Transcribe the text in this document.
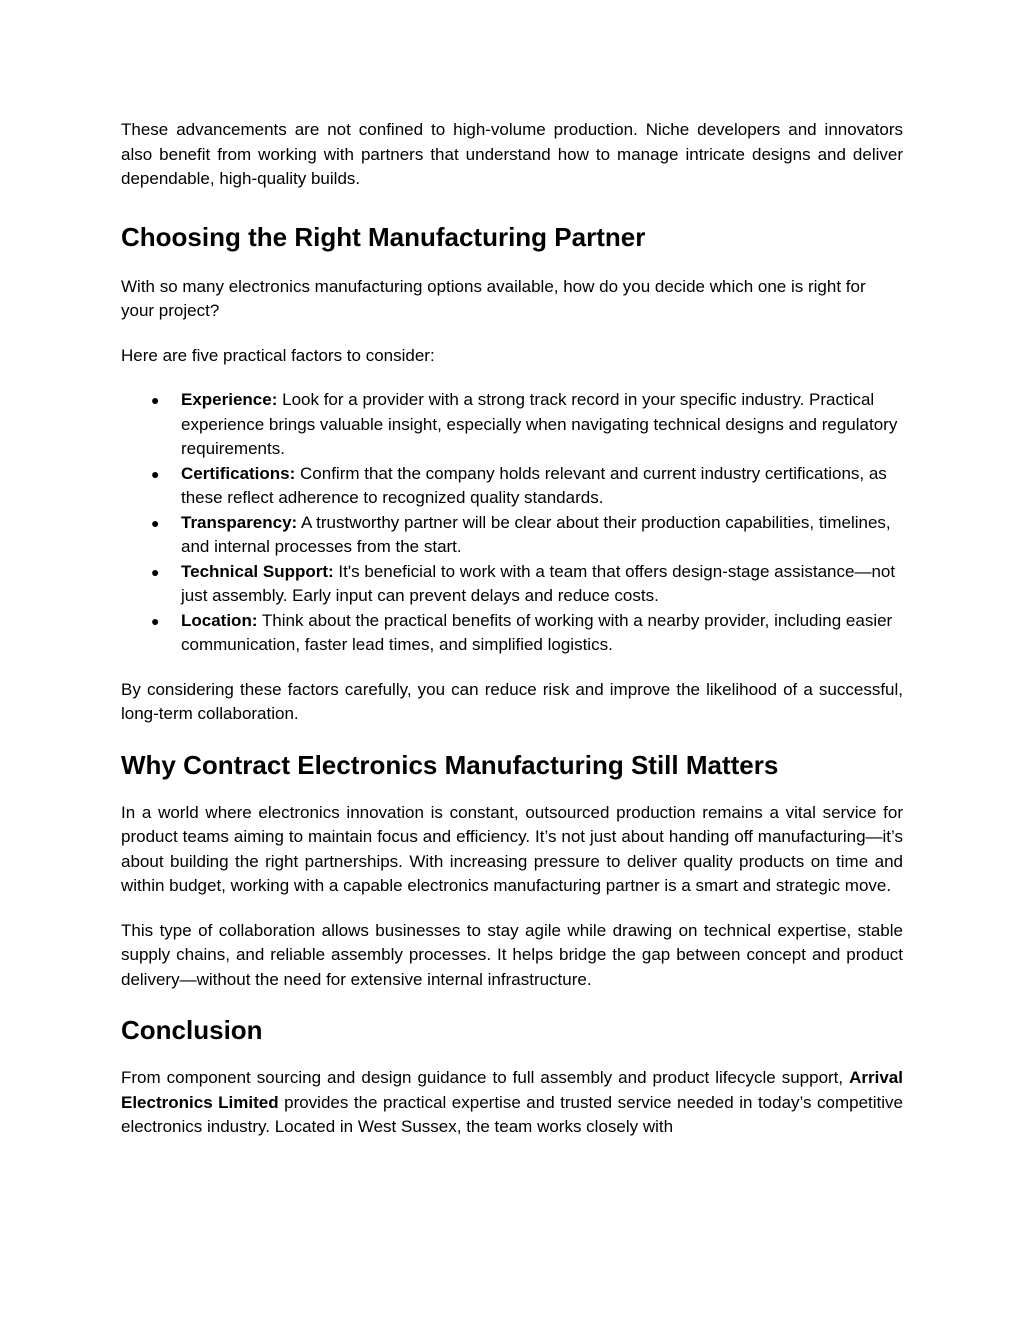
These advancements are not confined to high-volume production. Niche developers and innovators also benefit from working with partners that understand how to manage intricate designs and deliver dependable, high-quality builds.

Choosing the Right Manufacturing Partner

With so many electronics manufacturing options available, how do you decide which one is right for your project?

Here are five practical factors to consider:

● Experience: Look for a provider with a strong track record in your specific industry. Practical experience brings valuable insight, especially when navigating technical designs and regulatory requirements.
● Certifications: Confirm that the company holds relevant and current industry certifications, as these reflect adherence to recognized quality standards.
● Transparency: A trustworthy partner will be clear about their production capabilities, timelines, and internal processes from the start.
● Technical Support: It's beneficial to work with a team that offers design-stage assistance—not just assembly. Early input can prevent delays and reduce costs.
● Location: Think about the practical benefits of working with a nearby provider, including easier communication, faster lead times, and simplified logistics.

By considering these factors carefully, you can reduce risk and improve the likelihood of a successful, long-term collaboration.

Why Contract Electronics Manufacturing Still Matters

In a world where electronics innovation is constant, outsourced production remains a vital service for product teams aiming to maintain focus and efficiency. It’s not just about handing off manufacturing—it’s about building the right partnerships. With increasing pressure to deliver quality products on time and within budget, working with a capable electronics manufacturing partner is a smart and strategic move.

This type of collaboration allows businesses to stay agile while drawing on technical expertise, stable supply chains, and reliable assembly processes. It helps bridge the gap between concept and product delivery—without the need for extensive internal infrastructure.

Conclusion

From component sourcing and design guidance to full assembly and product lifecycle support, Arrival Electronics Limited provides the practical expertise and trusted service needed in today’s competitive electronics industry. Located in West Sussex, the team works closely with
